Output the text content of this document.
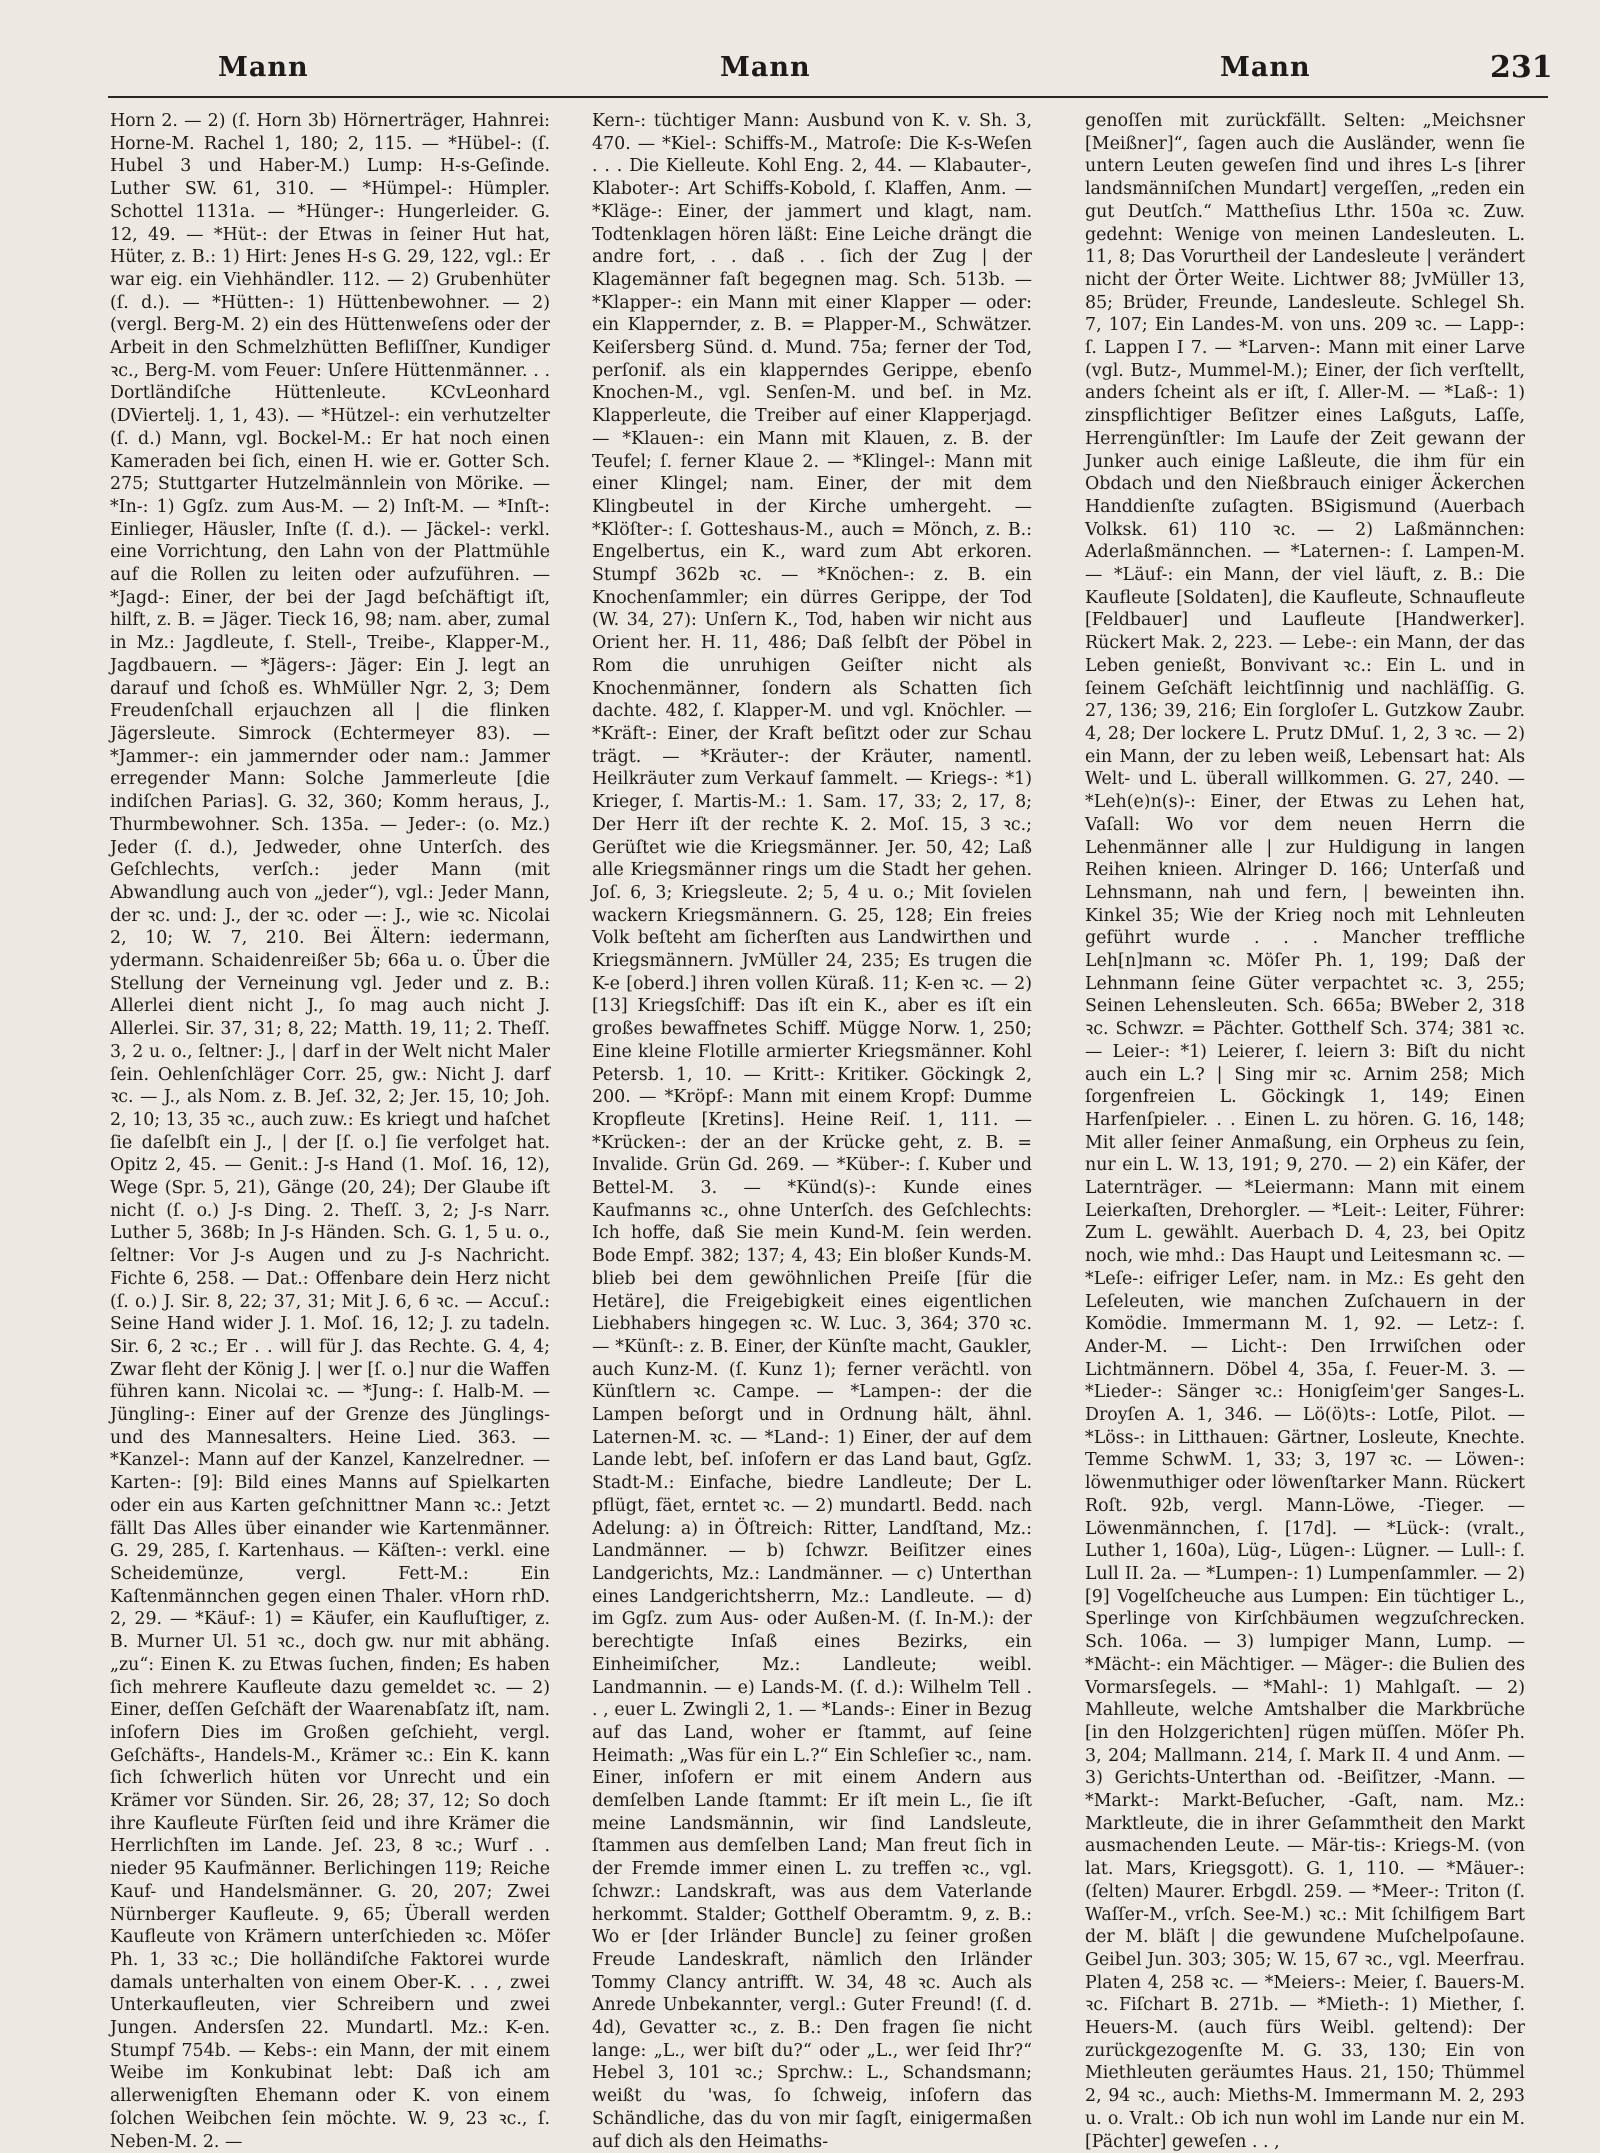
Mann	Mann	Mann	231

Horn 2. — 2) (ſ. Horn 3b) Hörnerträger, Hahnrei: Horne-M. Rachel 1, 180; 2, 115. — *Hübel-: (ſ. Hubel 3 und Haber-M.) Lump: H-s-Geſinde. Luther SW. 61, 310. — *Hümpel-: Hümpler. Schottel 1131a. — *Hünger-: Hungerleider. G. 12, 49. — *Hüt-: der Etwas in ſeiner Hut hat, Hüter, z. B.: 1) Hirt: Jenes H-s G. 29, 122, vgl.: Er war eig. ein Viehhändler. 112. — 2) Grubenhüter (ſ. d.). — *Hütten-: 1) Hüttenbewohner. — 2) (vergl. Berg-M. 2) ein des Hüttenweſens oder der Arbeit in den Schmelzhütten Befliſſner, Kundiger ꝛc., Berg-M. vom Feuer: Unſere Hüttenmänner. . . Dortländiſche Hüttenleute. KCvLeonhard (DViertelj. 1, 1, 43). — *Hützel-: ein verhutzelter (ſ. d.) Mann, vgl. Bockel-M.: Er hat noch einen Kameraden bei ſich, einen H. wie er. Gotter Sch. 275; Stuttgarter Hutzelmännlein von Mörike. — *In-: 1) Ggſz. zum Aus-M. — 2) Inſt-M. — *Inſt-: Einlieger, Häusler, Inſte (ſ. d.). — Jäckel-: verkl. eine Vorrichtung, den Lahn von der Plattmühle auf die Rollen zu leiten oder aufzuführen. — *Jagd-: Einer, der bei der Jagd beſchäftigt iſt, hilft, z. B. = Jäger. Tieck 16, 98; nam. aber, zumal in Mz.: Jagdleute, ſ. Stell-, Treibe-, Klapper-M., Jagdbauern. — *Jägers-: Jäger: Ein J. legt an darauf und ſchoß es. WhMüller Ngr. 2, 3; Dem Freudenſchall erjauchzen all | die flinken Jägersleute. Simrock (Echtermeyer 83). — *Jammer-: ein jammernder oder nam.: Jammer erregender Mann: Solche Jammerleute [die indiſchen Parias]. G. 32, 360; Komm heraus, J., Thurmbewohner. Sch. 135a. — Jeder-: (o. Mz.) Jeder (ſ. d.), Jedweder, ohne Unterſch. des Geſchlechts, verſch.: jeder Mann (mit Abwandlung auch von „jeder“), vgl.: Jeder Mann, der ꝛc. und: J., der ꝛc. oder —: J., wie ꝛc. Nicolai 2, 10; W. 7, 210. Bei Ältern: iedermann, ydermann. Schaidenreißer 5b; 66a u. o. Über die Stellung der Verneinung vgl. Jeder und z. B.: Allerlei dient nicht J., ſo mag auch nicht J. Allerlei. Sir. 37, 31; 8, 22; Matth. 19, 11; 2. Theſſ. 3, 2 u. o., ſeltner: J., | darf in der Welt nicht Maler ſein. Oehlenſchläger Corr. 25, gw.: Nicht J. darf ꝛc. — J., als Nom. z. B. Jeſ. 32, 2; Jer. 15, 10; Joh. 2, 10; 13, 35 ꝛc., auch zuw.: Es kriegt und haſchet ſie daſelbſt ein J., | der [ſ. o.] ſie verfolget hat. Opitz 2, 45. — Genit.: J-s Hand (1. Moſ. 16, 12), Wege (Spr. 5, 21), Gänge (20, 24); Der Glaube iſt nicht (ſ. o.) J-s Ding. 2. Theſſ. 3, 2; J-s Narr. Luther 5, 368b; In J-s Händen. Sch. G. 1, 5 u. o., ſeltner: Vor J-s Augen und zu J-s Nachricht. Fichte 6, 258. — Dat.: Offenbare dein Herz nicht (ſ. o.) J. Sir. 8, 22; 37, 31; Mit J. 6, 6 ꝛc. — Accuſ.: Seine Hand wider J. 1. Moſ. 16, 12; J. zu tadeln. Sir. 6, 2 ꝛc.; Er . . will für J. das Rechte. G. 4, 4; Zwar fleht der König J. | wer [ſ. o.] nur die Waffen führen kann. Nicolai ꝛc. — *Jung-: ſ. Halb-M. — Jüngling-: Einer auf der Grenze des Jünglings- und des Mannesalters. Heine Lied. 363. — *Kanzel-: Mann auf der Kanzel, Kanzelredner. — Karten-: [9]: Bild eines Manns auf Spielkarten oder ein aus Karten geſchnittner Mann ꝛc.: Jetzt fällt Das Alles über einander wie Kartenmänner. G. 29, 285, ſ. Kartenhaus. — Käſten-: verkl. eine Scheidemünze, vergl. Fett-M.: Ein Kaſtenmännchen gegen einen Thaler. vHorn rhD. 2, 29. — *Käuf-: 1) = Käufer, ein Kaufluſtiger, z. B. Murner Ul. 51 ꝛc., doch gw. nur mit abhäng. „zu“: Einen K. zu Etwas ſuchen, finden; Es haben ſich mehrere Kaufleute dazu gemeldet ꝛc. — 2) Einer, deſſen Geſchäft der Waarenabſatz iſt, nam. inſofern Dies im Großen geſchieht, vergl. Geſchäfts-, Handels-M., Krämer ꝛc.: Ein K. kann ſich ſchwerlich hüten vor Unrecht und ein Krämer vor Sünden. Sir. 26, 28; 37, 12; So doch ihre Kaufleute Fürſten ſeid und ihre Krämer die Herrlichſten im Lande. Jeſ. 23, 8 ꝛc.; Wurf . . nieder 95 Kaufmänner. Berlichingen 119; Reiche Kauf- und Handelsmänner. G. 20, 207; Zwei Nürnberger Kaufleute. 9, 65; Überall werden Kaufleute von Krämern unterſchieden ꝛc. Möſer Ph. 1, 33 ꝛc.; Die holländiſche Faktorei wurde damals unterhalten von einem Ober-K. . . , zwei Unterkaufleuten, vier Schreibern und zwei Jungen. Andersſen 22. Mundartl. Mz.: K-en. Stumpf 754b. — Kebs-: ein Mann, der mit einem Weibe im Konkubinat lebt: Daß ich am allerwenigſten Ehemann oder K. von einem ſolchen Weibchen ſein möchte. W. 9, 23 ꝛc., ſ. Neben-M. 2. —

Kern-: tüchtiger Mann: Ausbund von K. v. Sh. 3, 470. — *Kiel-: Schiffs-M., Matroſe: Die K-s-Weſen . . . Die Kielleute. Kohl Eng. 2, 44. — Klabauter-, Klaboter-: Art Schiffs-Kobold, ſ. Klaffen, Anm. — *Kläge-: Einer, der jammert und klagt, nam. Todtenklagen hören läßt: Eine Leiche drängt die andre fort, . . daß . . ſich der Zug | der Klagemänner faſt begegnen mag. Sch. 513b. — *Klapper-: ein Mann mit einer Klapper — oder: ein Klappernder, z. B. = Plapper-M., Schwätzer. Keiſersberg Sünd. d. Mund. 75a; ferner der Tod, perſonif. als ein klapperndes Gerippe, ebenſo Knochen-M., vgl. Senſen-M. und beſ. in Mz. Klapperleute, die Treiber auf einer Klapperjagd. — *Klauen-: ein Mann mit Klauen, z. B. der Teufel; ſ. ferner Klaue 2. — *Klingel-: Mann mit einer Klingel; nam. Einer, der mit dem Klingbeutel in der Kirche umhergeht. — *Klöſter-: ſ. Gotteshaus-M., auch = Mönch, z. B.: Engelbertus, ein K., ward zum Abt erkoren. Stumpf 362b ꝛc. — *Knöchen-: z. B. ein Knochenſammler; ein dürres Gerippe, der Tod (W. 34, 27): Unſern K., Tod, haben wir nicht aus Orient her. H. 11, 486; Daß ſelbſt der Pöbel in Rom die unruhigen Geiſter nicht als Knochenmänner, ſondern als Schatten ſich dachte. 482, ſ. Klapper-M. und vgl. Knöchler. — *Kräft-: Einer, der Kraft beſitzt oder zur Schau trägt. — *Kräuter-: der Kräuter, namentl. Heilkräuter zum Verkauf ſammelt. — Kriegs-: *1) Krieger, ſ. Martis-M.: 1. Sam. 17, 33; 2, 17, 8; Der Herr iſt der rechte K. 2. Moſ. 15, 3 ꝛc.; Gerüſtet wie die Kriegsmänner. Jer. 50, 42; Laß alle Kriegsmänner rings um die Stadt her gehen. Joſ. 6, 3; Kriegsleute. 2; 5, 4 u. o.; Mit ſovielen wackern Kriegsmännern. G. 25, 128; Ein freies Volk beſteht am ſicherſten aus Landwirthen und Kriegsmännern. JvMüller 24, 235; Es trugen die K-e [oberd.] ihren vollen Küraß. 11; K-en ꝛc. — 2) [13] Kriegsſchiff: Das iſt ein K., aber es iſt ein großes bewaffnetes Schiff. Mügge Norw. 1, 250; Eine kleine Flotille armierter Kriegsmänner. Kohl Petersb. 1, 10. — Kritt-: Kritiker. Göckingk 2, 200. — *Kröpf-: Mann mit einem Kropf: Dumme Kropfleute [Kretins]. Heine Reiſ. 1, 111. — *Krücken-: der an der Krücke geht, z. B. = Invalide. Grün Gd. 269. — *Küber-: ſ. Kuber und Bettel-M. 3. — *Künd(s)-: Kunde eines Kaufmanns ꝛc., ohne Unterſch. des Geſchlechts: Ich hoffe, daß Sie mein Kund-M. ſein werden. Bode Empf. 382; 137; 4, 43; Ein bloßer Kunds-M. blieb bei dem gewöhnlichen Preiſe [für die Hetäre], die Freigebigkeit eines eigentlichen Liebhabers hingegen ꝛc. W. Luc. 3, 364; 370 ꝛc. — *Künſt-: z. B. Einer, der Künſte macht, Gaukler, auch Kunz-M. (ſ. Kunz 1); ferner verächtl. von Künſtlern ꝛc. Campe. — *Lampen-: der die Lampen beſorgt und in Ordnung hält, ähnl. Laternen-M. ꝛc. — *Land-: 1) Einer, der auf dem Lande lebt, beſ. inſofern er das Land baut, Ggſz. Stadt-M.: Einfache, biedre Landleute; Der L. pflügt, fäet, erntet ꝛc. — 2) mundartl. Bedd. nach Adelung: a) in Öſtreich: Ritter, Landſtand, Mz.: Landmänner. — b) ſchwzr. Beiſitzer eines Landgerichts, Mz.: Landmänner. — c) Unterthan eines Landgerichtsherrn, Mz.: Landleute. — d) im Ggſz. zum Aus- oder Außen-M. (ſ. In-M.): der berechtigte Inſaß eines Bezirks, ein Einheimiſcher, Mz.: Landleute; weibl. Landmannin. — e) Lands-M. (ſ. d.): Wilhelm Tell . . , euer L. Zwingli 2, 1. — *Lands-: Einer in Bezug auf das Land, woher er ſtammt, auf ſeine Heimath: „Was für ein L.?“ Ein Schleſier ꝛc., nam. Einer, inſofern er mit einem Andern aus demſelben Lande ſtammt: Er iſt mein L., ſie iſt meine Landsmännin, wir ſind Landsleute, ſtammen aus demſelben Land; Man freut ſich in der Fremde immer einen L. zu treffen ꝛc., vgl. ſchwzr.: Landskraft, was aus dem Vaterlande herkommt. Stalder; Gotthelf Oberamtm. 9, z. B.: Wo er [der Irländer Buncle] zu ſeiner großen Freude Landeskraft, nämlich den Irländer Tommy Clancy antrifft. W. 34, 48 ꝛc. Auch als Anrede Unbekannter, vergl.: Guter Freund! (ſ. d. 4d), Gevatter ꝛc., z. B.: Den fragen ſie nicht lange: „L., wer biſt du?“ oder „L., wer ſeid Ihr?“ Hebel 3, 101 ꝛc.; Sprchw.: L., Schandsmann; weißt du 'was, ſo ſchweig, inſofern das Schändliche, das du von mir ſagſt, einigermaßen auf dich als den Heimaths-

genoſſen mit zurückfällt. Selten: „Meichsner [Meißner]“, ſagen auch die Ausländer, wenn ſie untern Leuten geweſen ſind und ihres L-s [ihrer landsmänniſchen Mundart] vergeſſen, „reden ein gut Deutſch.“ Mattheſius Lthr. 150a ꝛc. Zuw. gedehnt: Wenige von meinen Landesleuten. L. 11, 8; Das Vorurtheil der Landesleute | verändert nicht der Örter Weite. Lichtwer 88; JvMüller 13, 85; Brüder, Freunde, Landesleute. Schlegel Sh. 7, 107; Ein Landes-M. von uns. 209 ꝛc. — Lapp-: ſ. Lappen I 7. — *Larven-: Mann mit einer Larve (vgl. Butz-, Mummel-M.); Einer, der ſich verſtellt, anders ſcheint als er iſt, ſ. Aller-M. — *Laß-: 1) zinspflichtiger Beſitzer eines Laßguts, Laſſe, Herrengünſtler: Im Laufe der Zeit gewann der Junker auch einige Laßleute, die ihm für ein Obdach und den Nießbrauch einiger Äckerchen Handdienſte zuſagten. BSigismund (Auerbach Volksk. 61) 110 ꝛc. — 2) Laßmännchen: Aderlaßmännchen. — *Laternen-: ſ. Lampen-M. — *Läuf-: ein Mann, der viel läuft, z. B.: Die Kaufleute [Soldaten], die Kaufleute, Schnaufleute [Feldbauer] und Laufleute [Handwerker]. Rückert Mak. 2, 223. — Lebe-: ein Mann, der das Leben genießt, Bonvivant ꝛc.: Ein L. und in ſeinem Geſchäft leichtſinnig und nachläſſig. G. 27, 136; 39, 216; Ein ſorgloſer L. Gutzkow Zaubr. 4, 28; Der lockere L. Prutz DMuſ. 1, 2, 3 ꝛc. — 2) ein Mann, der zu leben weiß, Lebensart hat: Als Welt- und L. überall willkommen. G. 27, 240. — *Leh(e)n(s)-: Einer, der Etwas zu Lehen hat, Vaſall: Wo vor dem neuen Herrn die Lehenmänner alle | zur Huldigung in langen Reihen knieen. Alringer D. 166; Unterſaß und Lehnsmann, nah und fern, | beweinten ihn. Kinkel 35; Wie der Krieg noch mit Lehnleuten geführt wurde . . . Mancher treffliche Leh[n]mann ꝛc. Möſer Ph. 1, 199; Daß der Lehnmann ſeine Güter verpachtet ꝛc. 3, 255; Seinen Lehensleuten. Sch. 665a; BWeber 2, 318 ꝛc. Schwzr. = Pächter. Gotthelf Sch. 374; 381 ꝛc. — Leier-: *1) Leierer, ſ. leiern 3: Biſt du nicht auch ein L.? | Sing mir ꝛc. Arnim 258; Mich ſorgenfreien L. Göckingk 1, 149; Einen Harfenſpieler. . . Einen L. zu hören. G. 16, 148; Mit aller ſeiner Anmaßung, ein Orpheus zu ſein, nur ein L. W. 13, 191; 9, 270. — 2) ein Käfer, der Laternträger. — *Leiermann: Mann mit einem Leierkaſten, Drehorgler. — *Leit-: Leiter, Führer: Zum L. gewählt. Auerbach D. 4, 23, bei Opitz noch, wie mhd.: Das Haupt und Leitesmann ꝛc. — *Leſe-: eifriger Leſer, nam. in Mz.: Es geht den Leſeleuten, wie manchen Zuſchauern in der Komödie. Immermann M. 1, 92. — Letz-: ſ. Ander-M. — Licht-: Den Irrwiſchen oder Lichtmännern. Döbel 4, 35a, ſ. Feuer-M. 3. — *Lieder-: Sänger ꝛc.: Honigſeim'ger Sanges-L. Droyſen A. 1, 346. — Lö(ö)ts-: Lotſe, Pilot. — *Löss-: in Litthauen: Gärtner, Losleute, Knechte. Temme SchwM. 1, 33; 3, 197 ꝛc. — Löwen-: löwenmuthiger oder löwenſtarker Mann. Rückert Roſt. 92b, vergl. Mann-Löwe, -Tieger. — Löwenmännchen, ſ. [17d]. — *Lück-: (vralt., Luther 1, 160a), Lüg-, Lügen-: Lügner. — Lull-: ſ. Lull II. 2a. — *Lumpen-: 1) Lumpenſammler. — 2) [9] Vogelſcheuche aus Lumpen: Ein tüchtiger L., Sperlinge von Kirſchbäumen wegzuſchrecken. Sch. 106a. — 3) lumpiger Mann, Lump. — *Mächt-: ein Mächtiger. — Mäger-: die Bulien des Vormarsſegels. — *Mahl-: 1) Mahlgaſt. — 2) Mahlleute, welche Amtshalber die Markbrüche [in den Holzgerichten] rügen müſſen. Möſer Ph. 3, 204; Mallmann. 214, ſ. Mark II. 4 und Anm. — 3) Gerichts-Unterthan od. -Beiſitzer, -Mann. — *Markt-: Markt-Beſucher, -Gaſt, nam. Mz.: Marktleute, die in ihrer Geſammtheit den Markt ausmachenden Leute. — Mär-tis-: Kriegs-M. (von lat. Mars, Kriegsgott). G. 1, 110. — *Mäuer-: (ſelten) Maurer. Erbgdl. 259. — *Meer-: Triton (ſ. Waſſer-M., vrſch. See-M.) ꝛc.: Mit ſchilfigem Bart der M. bläſt | die gewundene Muſchelpoſaune. Geibel Jun. 303; 305; W. 15, 67 ꝛc., vgl. Meerfrau. Platen 4, 258 ꝛc. — *Meiers-: Meier, ſ. Bauers-M. ꝛc. Fiſchart B. 271b. — *Mieth-: 1) Miether, ſ. Heuers-M. (auch fürs Weibl. geltend): Der zurückgezogenſte M. G. 33, 130; Ein von Miethleuten geräumtes Haus. 21, 150; Thümmel 2, 94 ꝛc., auch: Mieths-M. Immermann M. 2, 293 u. o. Vralt.: Ob ich nun wohl im Lande nur ein M. [Pächter] geweſen . . ,
